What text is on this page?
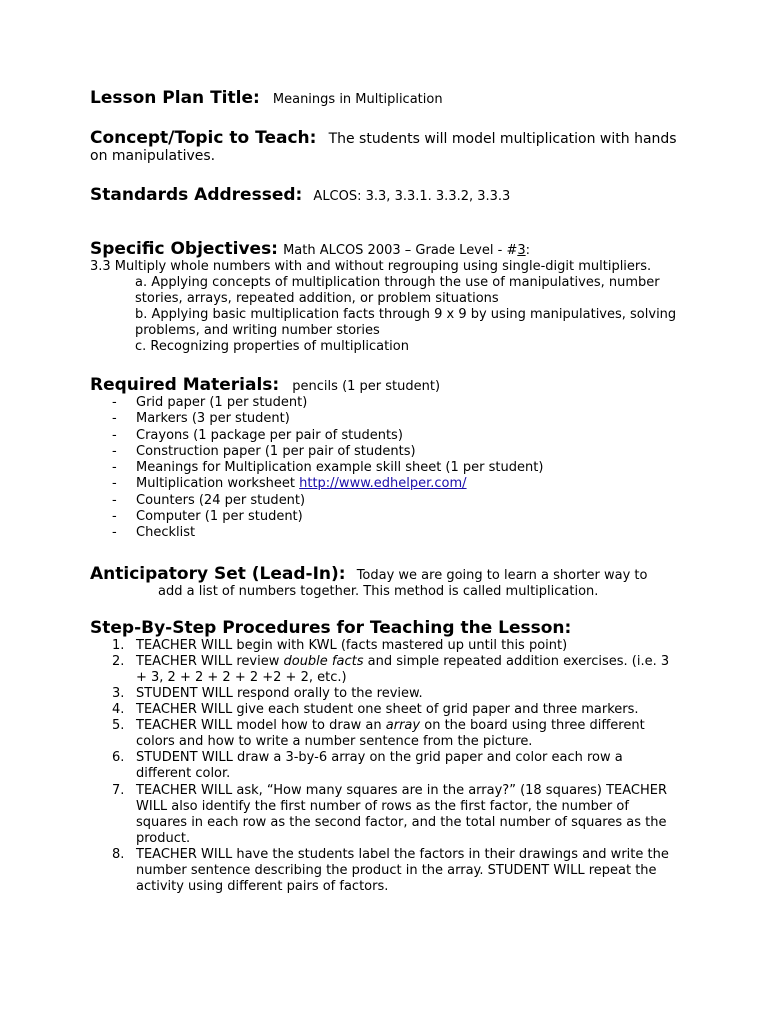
Lesson Plan Title: Meanings in Multiplication
Concept/Topic to Teach: The students will model multiplication with hands on manipulatives.
Standards Addressed: ALCOS: 3.3, 3.3.1. 3.3.2, 3.3.3
Specific Objectives: Math ALCOS 2003 – Grade Level - #3:
3.3 Multiply whole numbers with and without regrouping using single-digit multipliers.
a. Applying concepts of multiplication through the use of manipulatives, number stories, arrays, repeated addition, or problem situations
b. Applying basic multiplication facts through 9 x 9 by using manipulatives, solving problems, and writing number stories
c. Recognizing properties of multiplication
Required Materials: pencils (1 per student)
- Grid paper (1 per student)
- Markers (3 per student)
- Crayons (1 package per pair of students)
- Construction paper (1 per pair of students)
- Meanings for Multiplication example skill sheet (1 per student)
- Multiplication worksheet http://www.edhelper.com/
- Counters (24 per student)
- Computer (1 per student)
- Checklist
Anticipatory Set (Lead-In): Today we are going to learn a shorter way to
add a list of numbers together. This method is called multiplication.
Step-By-Step Procedures for Teaching the Lesson:
1. TEACHER WILL begin with KWL (facts mastered up until this point)
2. TEACHER WILL review double facts and simple repeated addition exercises. (i.e. 3 + 3, 2 + 2 + 2 + 2 +2 + 2, etc.)
3. STUDENT WILL respond orally to the review.
4. TEACHER WILL give each student one sheet of grid paper and three markers.
5. TEACHER WILL model how to draw an array on the board using three different colors and how to write a number sentence from the picture.
6. STUDENT WILL draw a 3-by-6 array on the grid paper and color each row a different color.
7. TEACHER WILL ask, “How many squares are in the array?” (18 squares) TEACHER WILL also identify the first number of rows as the first factor, the number of squares in each row as the second factor, and the total number of squares as the product.
8. TEACHER WILL have the students label the factors in their drawings and write the number sentence describing the product in the array. STUDENT WILL repeat the activity using different pairs of factors.
